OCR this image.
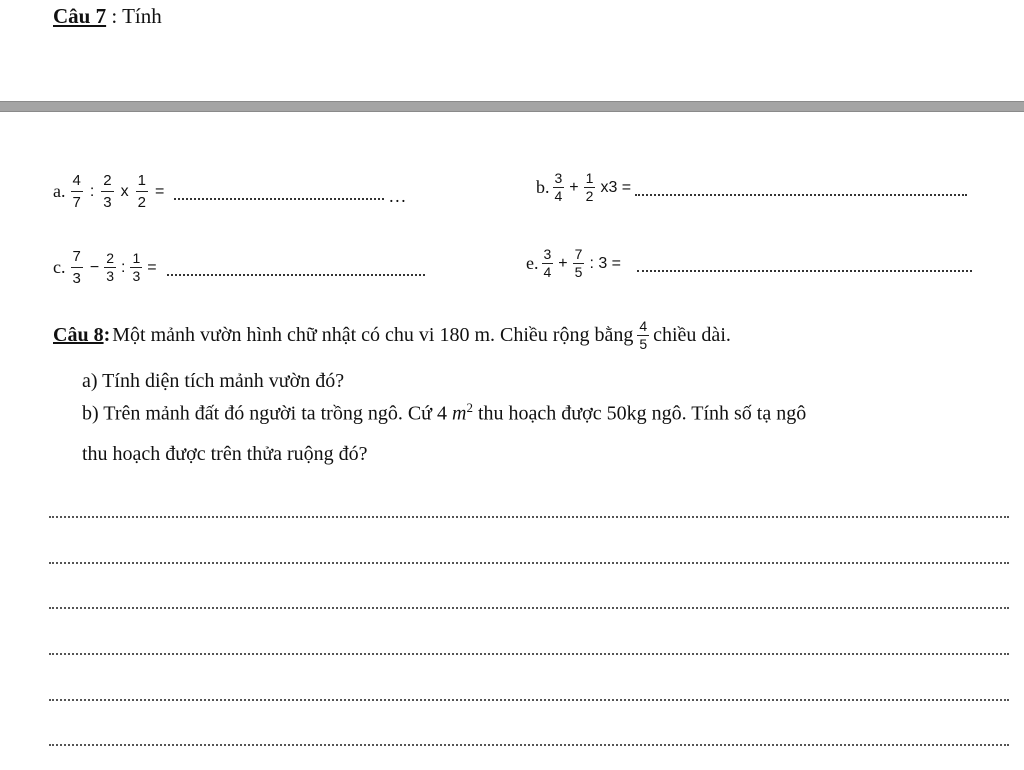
Câu 7 : Tính
a. $\frac{4}{7}$ : $\frac{2}{3}$ x $\frac{1}{2}$ =	…	b. $\frac{3}{4} + \frac{1}{2} x3$ =
c. $\frac{7}{3} - \frac{2}{3}$ : $\frac{1}{3}$ =	e. $\frac{3}{4} + \frac{7}{5}$ : 3 =
Câu 8 : Một mảnh vườn hình chữ nhật có chu vi 180 m. Chiều rộng bằng $\frac{4}{5}$ chiều dài.
a) Tính diện tích mảnh vườn đó?
b) Trên mảnh đất đó người ta trồng ngô. Cứ 4 $m^2$ thu hoạch được 50kg ngô. Tính số tạ ngô
thu hoạch được trên thửa ruộng đó?
